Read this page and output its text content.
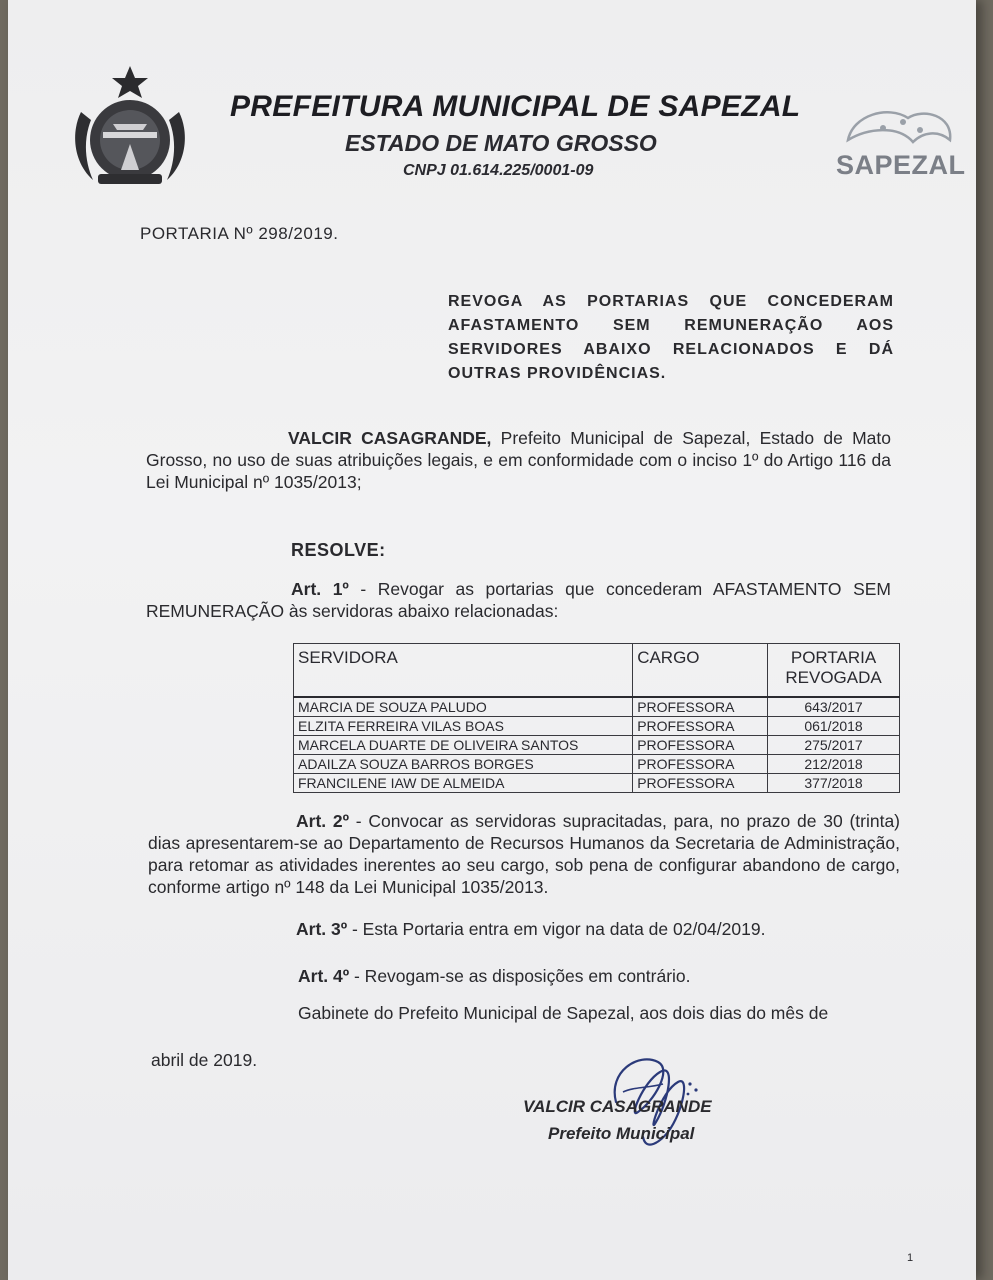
PREFEITURA MUNICIPAL DE SAPEZAL
ESTADO DE MATO GROSSO
CNPJ 01.614.225/0001-09	SAPEZAL
PORTARIA Nº 298/2019.
REVOGA AS PORTARIAS QUE CONCEDERAM AFASTAMENTO SEM REMUNERAÇÃO AOS SERVIDORES ABAIXO RELACIONADOS E DÁ OUTRAS PROVIDÊNCIAS.
VALCIR CASAGRANDE, Prefeito Municipal de Sapezal, Estado de Mato Grosso, no uso de suas atribuições legais, e em conformidade com o inciso 1º do Artigo 116 da Lei Municipal nº 1035/2013;
RESOLVE:
Art. 1º - Revogar as portarias que concederam AFASTAMENTO SEM REMUNERAÇÃO às servidoras abaixo relacionadas:
SERVIDORA	CARGO	PORTARIA REVOGADA
MARCIA DE SOUZA PALUDO	PROFESSORA	643/2017
ELZITA FERREIRA VILAS BOAS	PROFESSORA	061/2018
MARCELA DUARTE DE OLIVEIRA SANTOS	PROFESSORA	275/2017
ADAILZA SOUZA BARROS BORGES	PROFESSORA	212/2018
FRANCILENE IAW DE ALMEIDA	PROFESSORA	377/2018
Art. 2º - Convocar as servidoras supracitadas, para, no prazo de 30 (trinta) dias apresentarem-se ao Departamento de Recursos Humanos da Secretaria de Administração, para retomar as atividades inerentes ao seu cargo, sob pena de configurar abandono de cargo, conforme artigo nº 148 da Lei Municipal 1035/2013.
Art. 3º - Esta Portaria entra em vigor na data de 02/04/2019.
Art. 4º - Revogam-se as disposições em contrário.
Gabinete do Prefeito Municipal de Sapezal, aos dois dias do mês de
abril de 2019.
VALCIR CASAGRANDE
Prefeito Municipal
1
